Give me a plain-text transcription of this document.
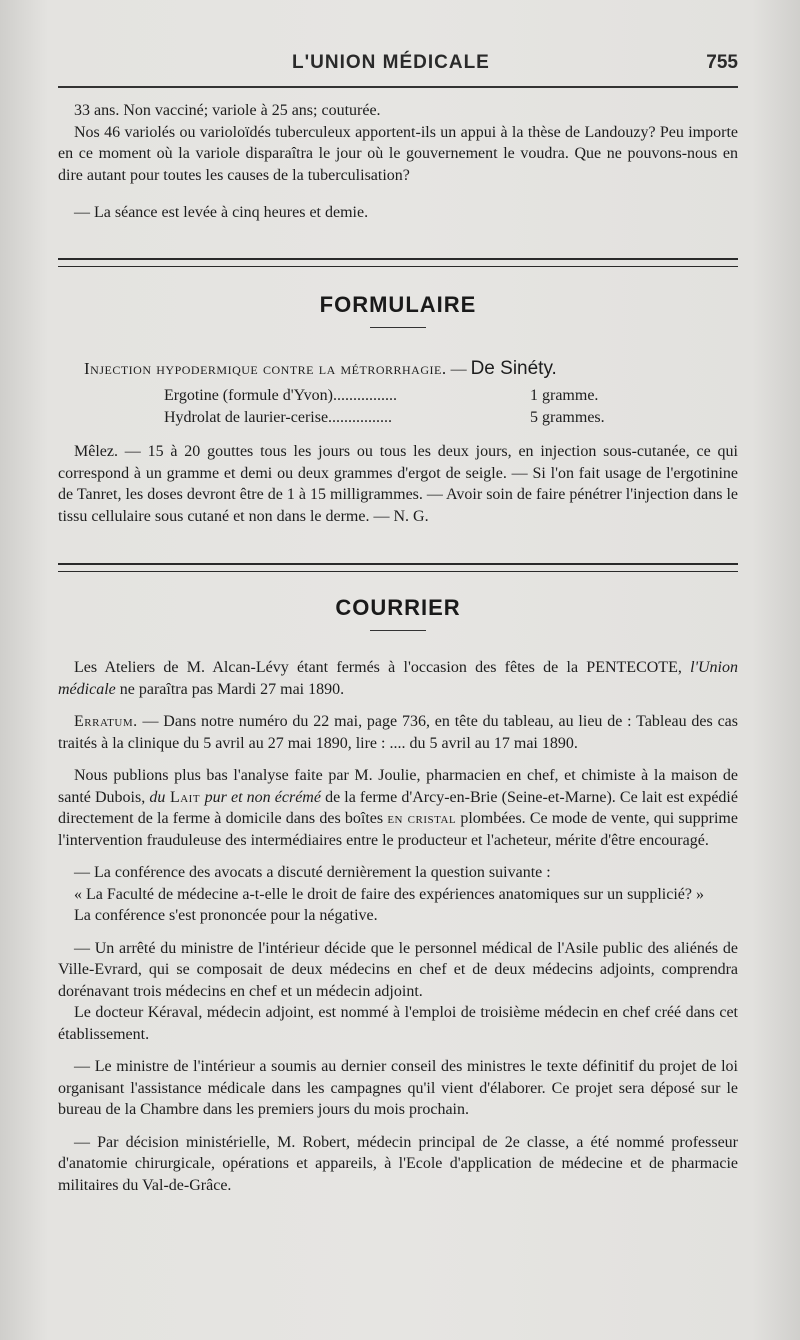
L'UNION MÉDICALE	755

33 ans. Non vacciné; variole à 25 ans; couturée.

Nos 46 variolés ou varioloïdés tuberculeux apportent-ils un appui à la thèse de Landouzy? Peu importe en ce moment où la variole disparaîtra le jour où le gouvernement le voudra. Que ne pouvons-nous en dire autant pour toutes les causes de la tuberculisation?

— La séance est levée à cinq heures et demie.

FORMULAIRE

Injection hypodermique contre la métrorrhagie. — De Sinéty.

Ergotine (formule d'Yvon)................	1 gramme.
Hydrolat de laurier-cerise................	5 grammes.

Mêlez. — 15 à 20 gouttes tous les jours ou tous les deux jours, en injection sous-cutanée, ce qui correspond à un gramme et demi ou deux grammes d'ergot de seigle. — Si l'on fait usage de l'ergotinine de Tanret, les doses devront être de 1 à 15 milligrammes. — Avoir soin de faire pénétrer l'injection dans le tissu cellulaire sous cutané et non dans le derme. — N. G.

COURRIER

Les Ateliers de M. Alcan-Lévy étant fermés à l'occasion des fêtes de la PENTECOTE, l'Union médicale ne paraîtra pas Mardi 27 mai 1890.

Erratum. — Dans notre numéro du 22 mai, page 736, en tête du tableau, au lieu de : Tableau des cas traités à la clinique du 5 avril au 27 mai 1890, lire : .... du 5 avril au 17 mai 1890.

Nous publions plus bas l'analyse faite par M. Joulie, pharmacien en chef, et chimiste à la maison de santé Dubois, du Lait pur et non écrémé de la ferme d'Arcy-en-Brie (Seine-et-Marne). Ce lait est expédié directement de la ferme à domicile dans des boîtes en cristal plombées. Ce mode de vente, qui supprime l'intervention frauduleuse des intermédiaires entre le producteur et l'acheteur, mérite d'être encouragé.

— La conférence des avocats a discuté dernièrement la question suivante :

« La Faculté de médecine a-t-elle le droit de faire des expériences anatomiques sur un supplicié? »

La conférence s'est prononcée pour la négative.

— Un arrêté du ministre de l'intérieur décide que le personnel médical de l'Asile public des aliénés de Ville-Evrard, qui se composait de deux médecins en chef et de deux médecins adjoints, comprendra dorénavant trois médecins en chef et un médecin adjoint.

Le docteur Kéraval, médecin adjoint, est nommé à l'emploi de troisième médecin en chef créé dans cet établissement.

— Le ministre de l'intérieur a soumis au dernier conseil des ministres le texte définitif du projet de loi organisant l'assistance médicale dans les campagnes qu'il vient d'élaborer. Ce projet sera déposé sur le bureau de la Chambre dans les premiers jours du mois prochain.

— Par décision ministérielle, M. Robert, médecin principal de 2e classe, a été nommé professeur d'anatomie chirurgicale, opérations et appareils, à l'Ecole d'application de médecine et de pharmacie militaires du Val-de-Grâce.
